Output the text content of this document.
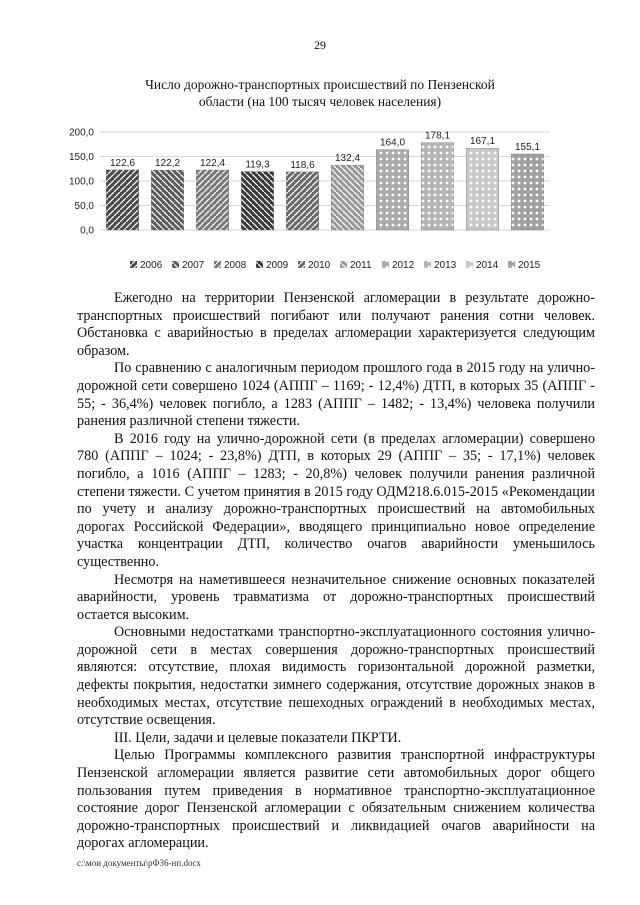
29
Число дорожно-транспортных происшествий по Пензенской
области (на 100 тысяч человек населения)
0,0
50,0
100,0
150,0
200,0
122,6 122,2 122,4 119,3 118,6
132,4
164,0
178,1 167,1
155,1
2006 2007 2008 2009 2010 2011 2012 2013 2014 2015

Ежегодно на территории Пензенской агломерации в результате дорожно-транспортных происшествий погибают или получают ранения сотни человек. Обстановка с аварийностью в пределах агломерации характеризуется следующим образом.

По сравнению с аналогичным периодом прошлого года в 2015 году на улично-дорожной сети совершено 1024 (АППГ – 1169; - 12,4%) ДТП, в которых 35 (АППГ - 55; - 36,4%) человек погибло, а 1283 (АППГ – 1482; - 13,4%) человека получили ранения различной степени тяжести.

В 2016 году на улично-дорожной сети (в пределах агломерации) совершено 780 (АППГ – 1024; - 23,8%) ДТП, в которых 29 (АППГ – 35; - 17,1%) человек погибло, а 1016 (АППГ – 1283; - 20,8%) человек получили ранения различной степени тяжести. С учетом принятия в 2015 году ОДМ218.6.015-2015 «Рекомендации по учету и анализу дорожно-транспортных происшествий на автомобильных дорогах Российской Федерации», вводящего принципиально новое определение участка концентрации ДТП, количество очагов аварийности уменьшилось существенно.

Несмотря на наметившееся незначительное снижение основных показателей аварийности, уровень травматизма от дорожно-транспортных происшествий остается высоким.

Основными недостатками транспортно-эксплуатационного состояния улично-дорожной сети в местах совершения дорожно-транспортных происшествий являются: отсутствие, плохая видимость горизонтальной дорожной разметки, дефекты покрытия, недостатки зимнего содержания, отсутствие дорожных знаков в необходимых местах, отсутствие пешеходных ограждений в необходимых местах, отсутствие освещения.

III. Цели, задачи и целевые показатели ПКРТИ.

Целью Программы комплексного развития транспортной инфраструктуры Пензенской агломерации является развитие сети автомобильных дорог общего пользования путем приведения в нормативное транспортно-эксплуатационное состояние дорог Пензенской агломерации с обязательным снижением количества дорожно-транспортных происшествий и ликвидацией очагов аварийности на дорогах агломерации.

c:\мои документы\рФ36-нп.docx
